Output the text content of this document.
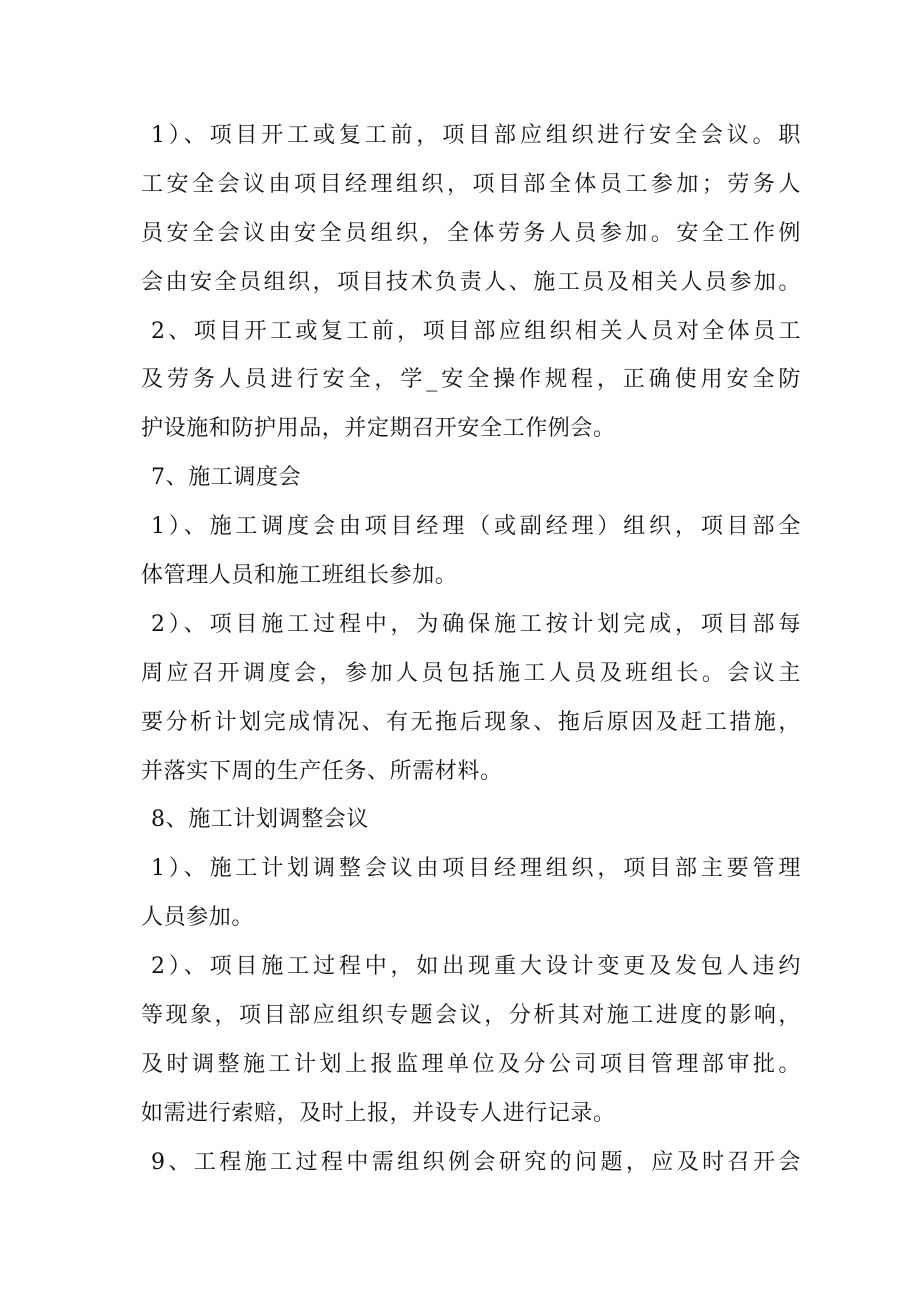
1）、项目开工或复工前，项目部应组织进行安全会议。职
工安全会议由项目经理组织，项目部全体员工参加；劳务人
员安全会议由安全员组织，全体劳务人员参加。安全工作例
会由安全员组织，项目技术负责人、施工员及相关人员参加。
2、项目开工或复工前，项目部应组织相关人员对全体员工
及劳务人员进行安全，学_安全操作规程，正确使用安全防
护设施和防护用品，并定期召开安全工作例会。
7、施工调度会
1）、施工调度会由项目经理（或副经理）组织，项目部全
体管理人员和施工班组长参加。
2）、项目施工过程中，为确保施工按计划完成，项目部每
周应召开调度会，参加人员包括施工人员及班组长。会议主
要分析计划完成情况、有无拖后现象、拖后原因及赶工措施，
并落实下周的生产任务、所需材料。
8、施工计划调整会议
1）、施工计划调整会议由项目经理组织，项目部主要管理
人员参加。
2）、项目施工过程中，如出现重大设计变更及发包人违约
等现象，项目部应组织专题会议，分析其对施工进度的影响，
及时调整施工计划上报监理单位及分公司项目管理部审批。
如需进行索赔，及时上报，并设专人进行记录。
9、工程施工过程中需组织例会研究的问题，应及时召开会
